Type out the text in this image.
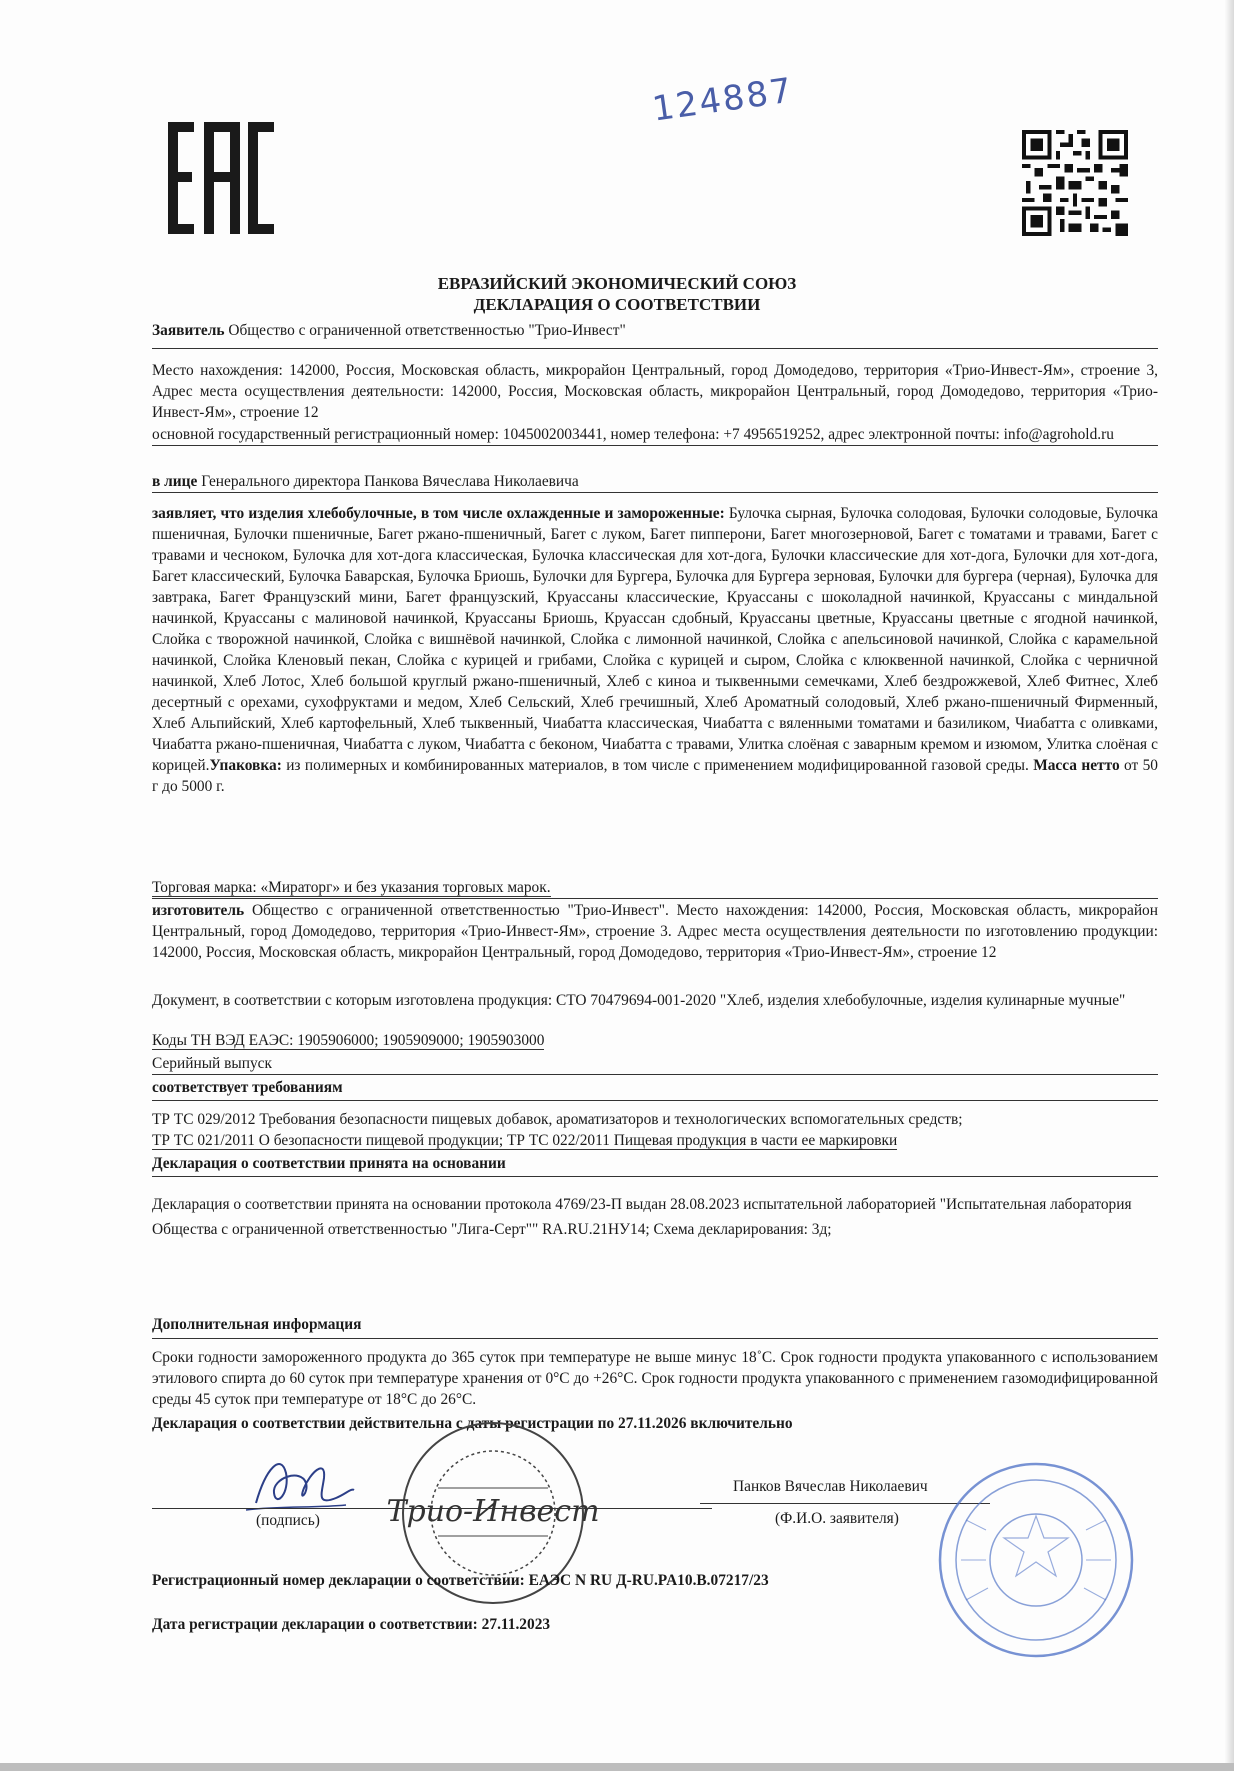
124887
ЕВРАЗИЙСКИЙ ЭКОНОМИЧЕСКИЙ СОЮЗ
ДЕКЛАРАЦИЯ О СООТВЕТСТВИИ
Заявитель Общество с ограниченной ответственностью "Трио-Инвест"
Место нахождения: 142000, Россия, Московская область, микрорайон Центральный, город Домодедово, территория «Трио-Инвест-Ям», строение 3, Адрес места осуществления деятельности: 142000, Россия, Московская область, микрорайон Центральный, город Домодедово, территория «Трио-Инвест-Ям», строение 12
основной государственный регистрационный номер: 1045002003441, номер телефона: +7 4956519252, адрес электронной почты: info@agrohold.ru
в лице Генерального директора Панкова Вячеслава Николаевича
заявляет, что изделия хлебобулочные, в том числе охлажденные и замороженные: Булочка сырная, Булочка солодовая, Булочки солодовые, Булочка пшеничная, Булочки пшеничные, Багет ржано-пшеничный, Багет с луком, Багет пипперони, Багет многозерновой, Багет с томатами и травами, Багет с травами и чесноком, Булочка для хот-дога классическая, Булочка классическая для хот-дога, Булочки классические для хот-дога, Булочки для хот-дога, Багет классический, Булочка Баварская, Булочка Бриошь, Булочки для Бургера, Булочка для Бургера зерновая, Булочки для бургера (черная), Булочка для завтрака, Багет Французский мини, Багет французский, Круассаны классические, Круассаны с шоколадной начинкой, Круассаны с миндальной начинкой, Круассаны с малиновой начинкой, Круассаны Бриошь, Круассан сдобный, Круассаны цветные, Круассаны цветные с ягодной начинкой, Слойка с творожной начинкой, Слойка с вишнёвой начинкой, Слойка с лимонной начинкой, Слойка с апельсиновой начинкой, Слойка с карамельной начинкой, Слойка Кленовый пекан, Слойка с курицей и грибами, Слойка с курицей и сыром, Слойка с клюквенной начинкой, Слойка с черничной начинкой, Хлеб Лотос, Хлеб большой круглый ржано-пшеничный, Хлеб с киноа и тыквенными семечками, Хлеб бездрожжевой, Хлеб Фитнес, Хлеб десертный с орехами, сухофруктами и медом, Хлеб Сельский, Хлеб гречишный, Хлеб Ароматный солодовый, Хлеб ржано-пшеничный Фирменный, Хлеб Альпийский, Хлеб картофельный, Хлеб тыквенный, Чиабатта классическая, Чиабатта с вяленными томатами и базиликом, Чиабатта с оливками, Чиабатта ржано-пшеничная, Чиабатта с луком, Чиабатта с беконом, Чиабатта с травами, Улитка слоёная с заварным кремом и изюмом, Улитка слоёная с корицей.Упаковка: из полимерных и комбинированных материалов, в том числе с применением модифицированной газовой среды. Масса нетто от 50 г до 5000 г.
Торговая марка: «Мираторг» и без указания торговых марок.
изготовитель Общество с ограниченной ответственностью "Трио-Инвест". Место нахождения: 142000, Россия, Московская область, микрорайон Центральный, город Домодедово, территория «Трио-Инвест-Ям», строение 3. Адрес места осуществления деятельности по изготовлению продукции: 142000, Россия, Московская область, микрорайон Центральный, город Домодедово, территория «Трио-Инвест-Ям», строение 12
Документ, в соответствии с которым изготовлена продукция: СТО 70479694-001-2020 "Хлеб, изделия хлебобулочные, изделия кулинарные мучные"
Коды ТН ВЭД ЕАЭС: 1905906000; 1905909000; 1905903000
Серийный выпуск
соответствует требованиям
ТР ТС 029/2012 Требования безопасности пищевых добавок, ароматизаторов и технологических вспомогательных средств;
ТР ТС 021/2011 О безопасности пищевой продукции; ТР ТС 022/2011 Пищевая продукция в части ее маркировки
Декларация о соответствии принята на основании
Декларация о соответствии принята на основании протокола 4769/23-П выдан 28.08.2023 испытательной лабораторией "Испытательная лаборатория Общества с ограниченной ответственностью "Лига-Серт"" RA.RU.21НУ14; Схема декларирования: 3д;
Дополнительная информация
Сроки годности замороженного продукта до 365 суток при температуре не выше минус 18˚С. Срок годности продукта упакованного с использованием этилового спирта до 60 суток при температуре хранения от 0°С до +26°С. Срок годности продукта упакованного с применением газомодифицированной среды 45 суток при температуре от 18°С до 26°С.
Декларация о соответствии действительна с даты регистрации по 27.11.2026 включительно
(подпись)
Панков Вячеслав Николаевич
(Ф.И.О. заявителя)
Трио-Инвест
Регистрационный номер декларации о соответствии: ЕАЭС N RU Д-RU.PA10.B.07217/23
Дата регистрации декларации о соответствии: 27.11.2023
